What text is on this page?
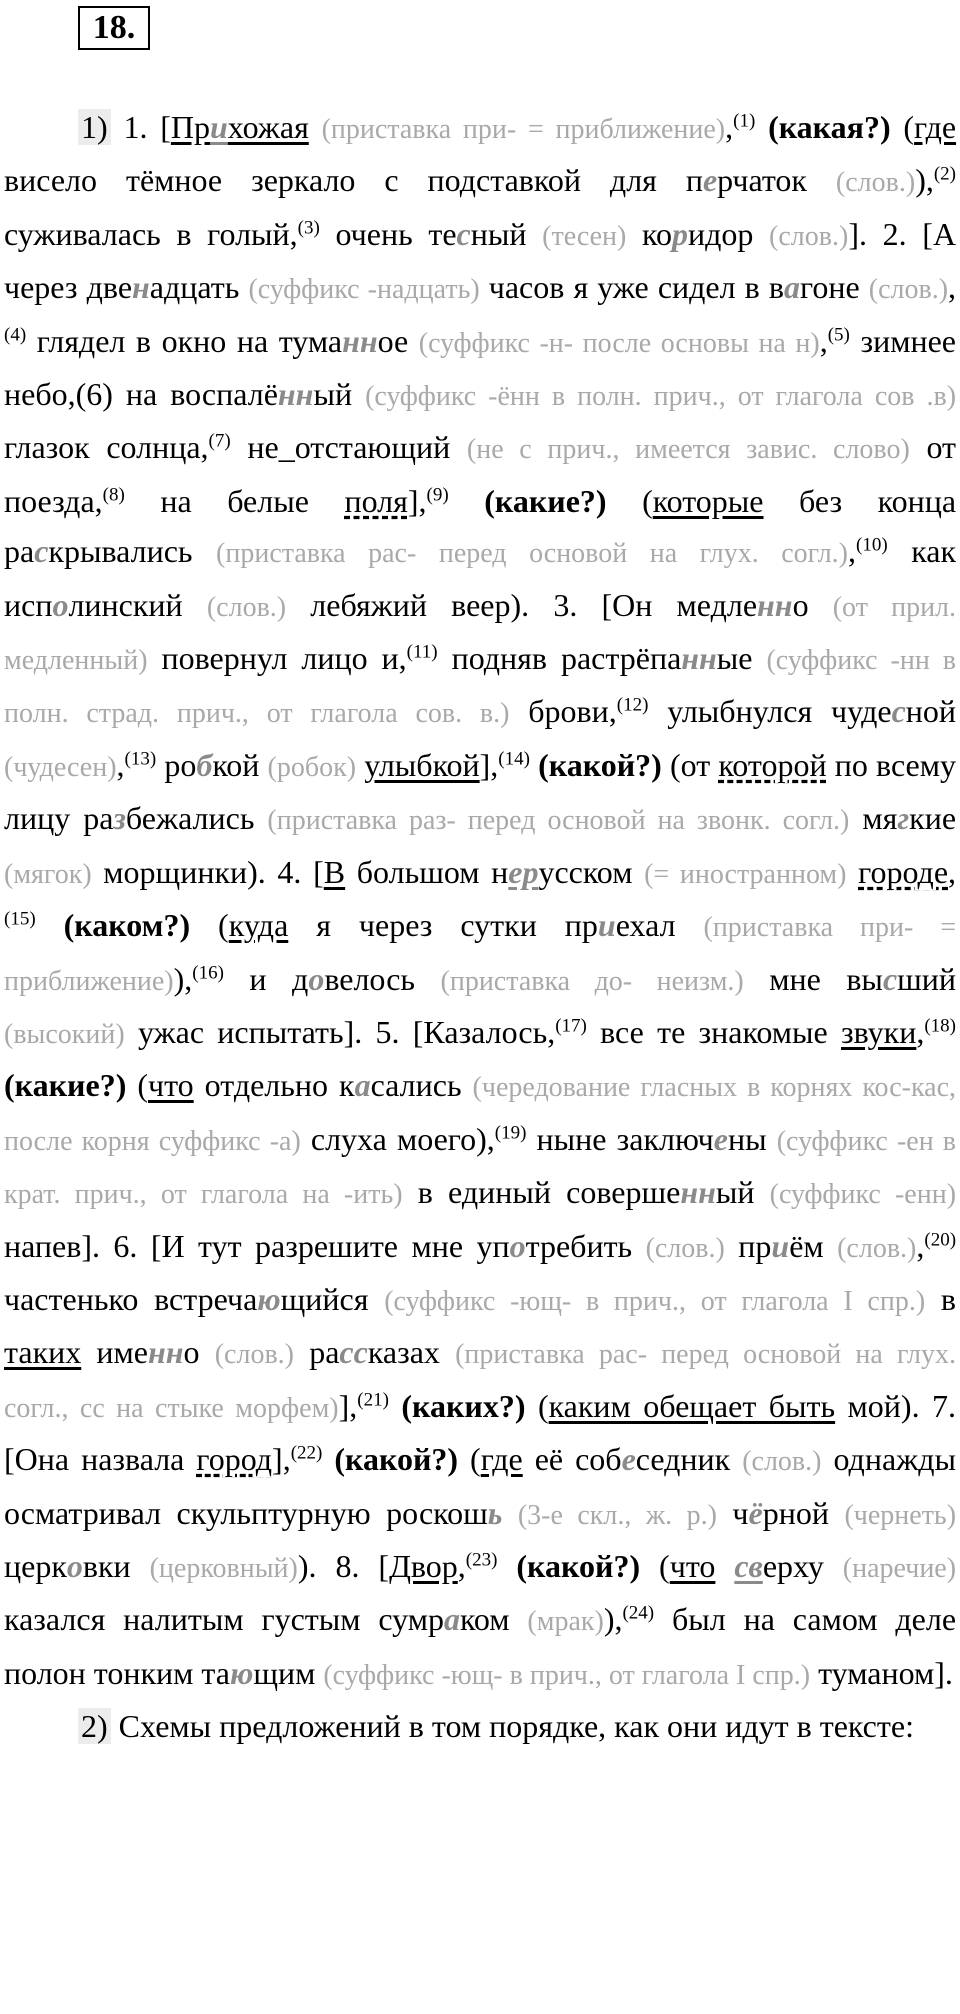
18.

1) 1. [Прихожая (приставка при- = приближение),$^{(1)}$ (какая?) (где висело тёмное зеркало с подставкой для перчаток (слов.)),$^{(2)}$ суживалась в голый,$^{(3)}$ очень тесный (тесен) коридор (слов.)]. 2. [А через двенадцать (суффикс -надцать) часов я уже сидел в вагоне (слов.),$^{(4)}$ глядел в окно на туманное (суффикс -н- после основы на н),$^{(5)}$ зимнее небо,(6) на воспалённый (суффикс -ённ в полн. прич., от глагола сов .в) глазок солнца,$^{(7)}$ не_отстающий (не с прич., имеется завис. слово) от поезда,$^{(8)}$ на белые поля],$^{(9)}$ (какие?) (которые без конца раскрывались (приставка рас- перед основой на глух. согл.),$^{(10)}$ как исполинский (слов.) лебяжий веер). 3. [Он медленно (от прил. медленный) повернул лицо и,$^{(11)}$ подняв растрёпанные (суффикс -нн в полн. страд. прич., от глагола сов. в.) брови,$^{(12)}$ улыбнулся чудесной (чудесен),$^{(13)}$ робкой (робок) улыбкой],$^{(14)}$ (какой?) (от которой по всему лицу разбежались (приставка раз- перед основой на звонк. согл.) мягкие (мягок) морщинки). 4. [В большом нерусском (= иностранном) городе,$^{(15)}$ (каком?) (куда я через сутки приехал (приставка при- = приближение)),$^{(16)}$ и довелось (приставка до- неизм.) мне высший (высокий) ужас испытать]. 5. [Казалось,$^{(17)}$ все те знакомые звуки,$^{(18)}$ (какие?) (что отдельно касались (чередование гласных в корнях кос-кас, после корня суффикс -а) слуха моего),$^{(19)}$ ныне заключены (суффикс -ен в крат. прич., от глагола на -ить) в единый совершенный (суффикс -енн) напев]. 6. [И тут разрешите мне употребить (слов.) приём (слов.),$^{(20)}$ частенько встречающийся (суффикс -ющ- в прич., от глагола I спр.) в таких именно (слов.) рассказах (приставка рас- перед основой на глух. согл., сс на стыке морфем)],$^{(21)}$ (каких?) (каким обещает быть мой). 7. [Она назвала город],$^{(22)}$ (какой?) (где её собеседник (слов.) однажды осматривал скульптурную роскошь (3-е скл., ж. р.) чёрной (чернеть) церковки (церковный)). 8. [Двор,$^{(23)}$ (какой?) (что сверху (наречие) казался налитым густым сумраком (мрак)),$^{(24)}$ был на самом деле полон тонким тающим (суффикс -ющ- в прич., от глагола I спр.) туманом].

2) Схемы предложений в том порядке, как они идут в тексте:
